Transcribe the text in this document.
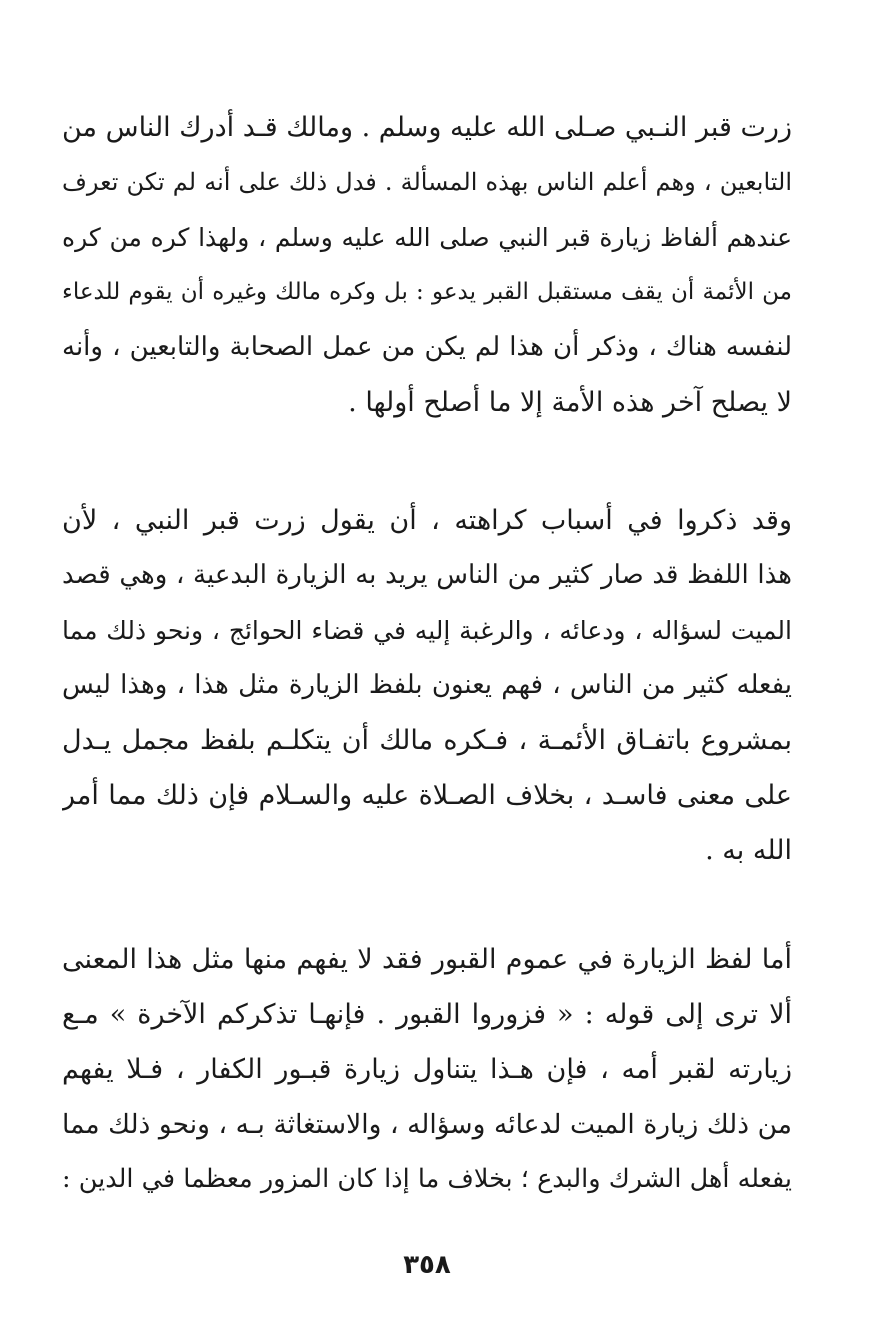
زرت قبر النـبي صـلى الله عليه وسلم . ومالك قـد أدرك الناس من
التابعين ، وهم أعلم الناس بهذه المسألة . فدل ذلك على أنه لم تكن تعرف
عندهم ألفاظ زيارة قبر النبي صلى الله عليه وسلم ، ولهذا كره من كره
من الأئمة أن يقف مستقبل القبر يدعو : بل وكره مالك وغيره أن يقوم للدعاء
لنفسه هناك ، وذكر أن هذا لم يكن من عمل الصحابة والتابعين ، وأنه
لا يصلح آخر هذه الأمة إلا ما أصلح أولها .
وقد ذكروا في أسباب كراهته ، أن يقول زرت قبر النبي ، لأن
هذا اللفظ قد صار كثير من الناس يريد به الزيارة البدعية ، وهي قصد
الميت لسؤاله ، ودعائه ، والرغبة إليه في قضاء الحوائج ، ونحو ذلك مما
يفعله كثير من الناس ، فهم يعنون بلفظ الزيارة مثل هذا ، وهذا ليس
بمشروع باتفـاق الأئمـة ، فـكره مالك أن يتكلـم بلفظ مجمل يـدل
على معنى فاسـد ، بخلاف الصـلاة عليه والسـلام فإن ذلك مما أمر
الله به .
أما لفظ الزيارة في عموم القبور فقد لا يفهم منها مثل هذا المعنى
ألا ترى إلى قوله : « فزوروا القبور . فإنهـا تذكركم الآخرة » مـع
زيارته لقبر أمه ، فإن هـذا يتناول زيارة قبـور الكفار ، فـلا يفهم
من ذلك زيارة الميت لدعائه وسؤاله ، والاستغاثة بـه ، ونحو ذلك مما
يفعله أهل الشرك والبدع ؛ بخلاف ما إذا كان المزور معظما في الدين :
٣٥٨
